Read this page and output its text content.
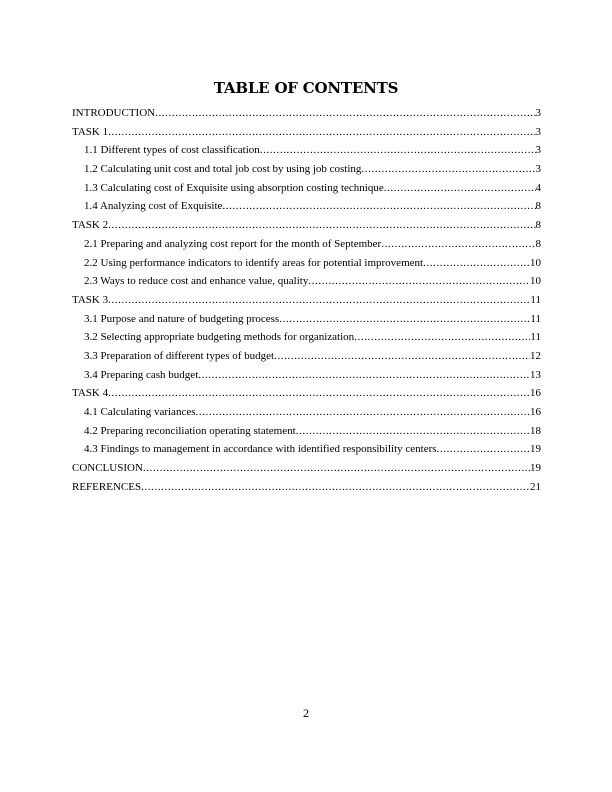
TABLE OF CONTENTS
INTRODUCTION .....	3
TASK 1 .....	3
1.1 Different types of cost classification .....	3
1.2 Calculating unit cost and total job cost by using job costing .....	3
1.3 Calculating cost of Exquisite using absorption costing technique .....	4
1.4 Analyzing cost of Exquisite .....	8
TASK 2 .....	8
2.1 Preparing and analyzing cost report for the month of September .....	8
2.2 Using performance indicators to identify areas for potential improvement .....	10
2.3 Ways to reduce cost and enhance value, quality .....	10
TASK 3 .....	11
3.1 Purpose and nature of budgeting process .....	11
3.2 Selecting appropriate budgeting methods for organization .....	11
3.3 Preparation of different types of budget .....	12
3.4 Preparing cash budget .....	13
TASK 4 .....	16
4.1 Calculating variances .....	16
4.2 Preparing reconciliation operating statement .....	18
4.3 Findings to management in accordance with identified responsibility centers .....	19
CONCLUSION .....	19
REFERENCES .....	21

2
